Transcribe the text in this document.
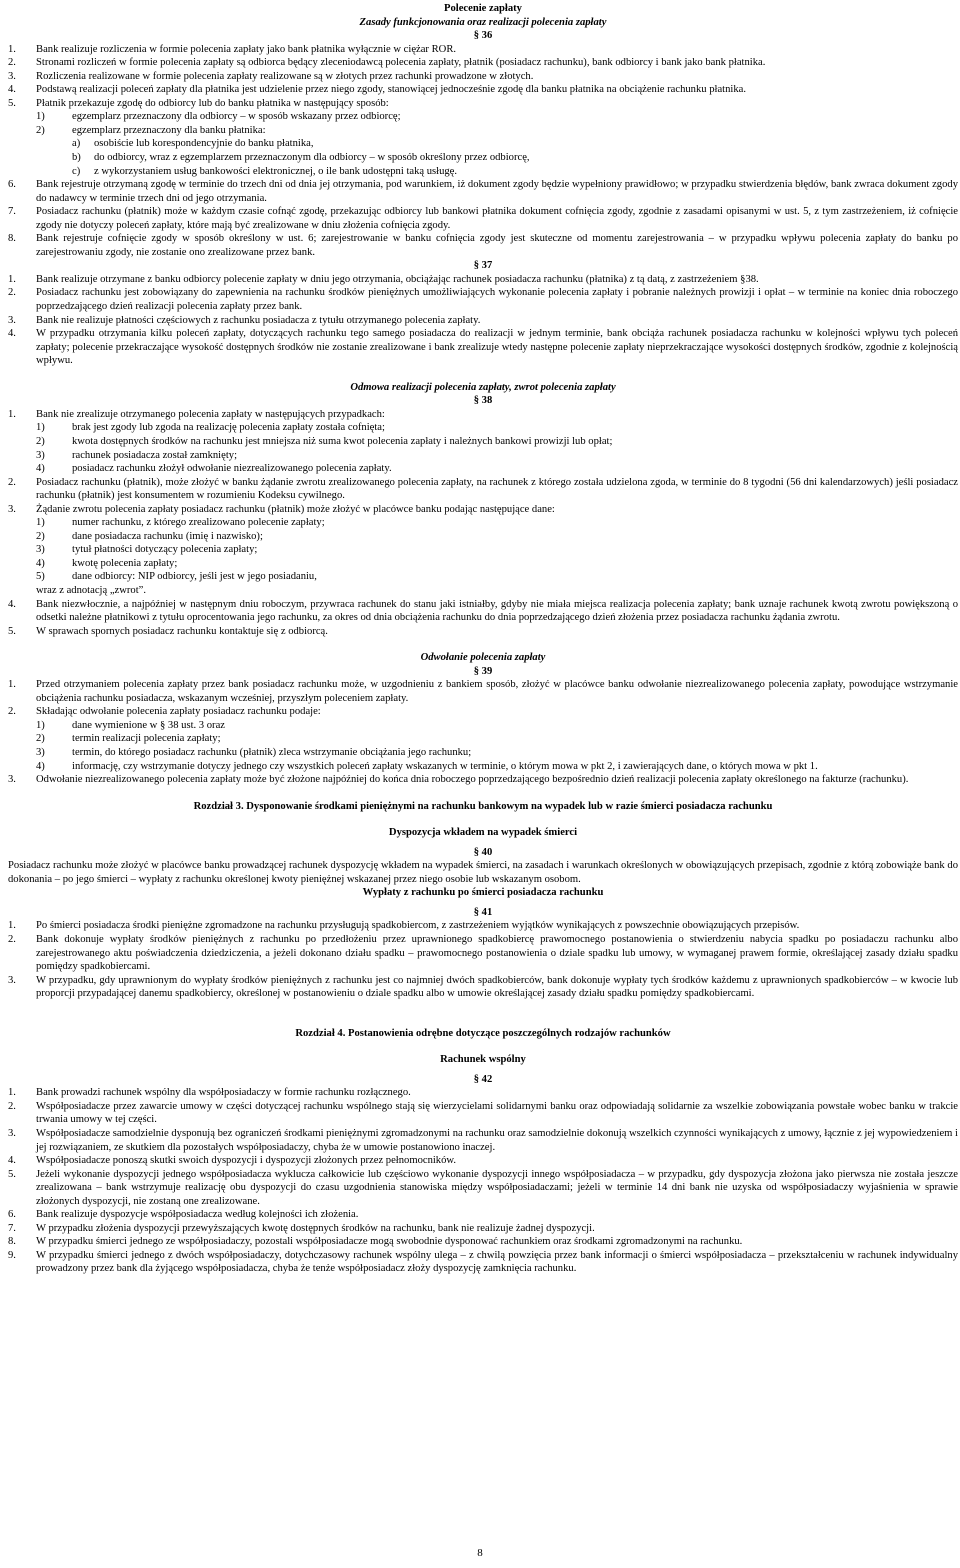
Polecenie zapłaty
Zasady funkcjonowania oraz realizacji polecenia zapłaty
§ 36
1.	Bank realizuje rozliczenia w formie polecenia zapłaty jako bank płatnika wyłącznie w ciężar ROR.
2.	Stronami rozliczeń w formie polecenia zapłaty są odbiorca będący zleceniodawcą polecenia zapłaty, płatnik (posiadacz rachunku), bank odbiorcy i bank jako bank płatnika.
3.	Rozliczenia realizowane w formie polecenia zapłaty realizowane są w złotych przez rachunki prowadzone w złotych.
4.	Podstawą realizacji poleceń zapłaty dla płatnika jest udzielenie przez niego zgody, stanowiącej jednocześnie zgodę dla banku płatnika na obciążenie rachunku płatnika.
5.	Płatnik przekazuje zgodę do odbiorcy lub do banku płatnika w następujący sposób:
1)	egzemplarz przeznaczony dla odbiorcy – w sposób wskazany przez odbiorcę;
2)	egzemplarz przeznaczony dla banku płatnika:
a)	osobiście lub korespondencyjnie do banku płatnika,
b)	do odbiorcy, wraz z egzemplarzem przeznaczonym dla odbiorcy – w sposób określony przez odbiorcę,
c)	z wykorzystaniem usług bankowości elektronicznej, o ile bank udostępni taką usługę.
6.	Bank rejestruje otrzymaną zgodę w terminie do trzech dni od dnia jej otrzymania, pod warunkiem, iż dokument zgody będzie wypełniony prawidłowo; w przypadku stwierdzenia błędów, bank zwraca dokument zgody do nadawcy w terminie trzech dni od jego otrzymania.
7.	Posiadacz rachunku (płatnik) może w każdym czasie cofnąć zgodę, przekazując odbiorcy lub bankowi płatnika dokument cofnięcia zgody, zgodnie z zasadami opisanymi w ust. 5, z tym zastrzeżeniem, iż cofnięcie zgody nie dotyczy poleceń zapłaty, które mają być zrealizowane w dniu złożenia cofnięcia zgody.
8.	Bank rejestruje cofnięcie zgody w sposób określony w ust. 6; zarejestrowanie w banku cofnięcia zgody jest skuteczne od momentu zarejestrowania – w przypadku wpływu polecenia zapłaty do banku po zarejestrowaniu zgody, nie zostanie ono zrealizowane przez bank.
§ 37
1.	Bank realizuje otrzymane z banku odbiorcy polecenie zapłaty w dniu jego otrzymania, obciążając rachunek posiadacza rachunku (płatnika) z tą datą, z zastrzeżeniem §38.
2.	Posiadacz rachunku jest zobowiązany do zapewnienia na rachunku środków pieniężnych umożliwiających wykonanie polecenia zapłaty i pobranie należnych prowizji i opłat – w terminie na koniec dnia roboczego poprzedzającego dzień realizacji polecenia zapłaty przez bank.
3.	Bank nie realizuje płatności częściowych z rachunku posiadacza z tytułu otrzymanego polecenia zapłaty.
4.	W przypadku otrzymania kilku poleceń zapłaty, dotyczących rachunku tego samego posiadacza do realizacji w jednym terminie, bank obciąża rachunek posiadacza rachunku w kolejności wpływu tych poleceń zapłaty; polecenie przekraczające wysokość dostępnych środków nie zostanie zrealizowane i bank zrealizuje wtedy następne polecenie zapłaty nieprzekraczające wysokości dostępnych środków, zgodnie z kolejnością wpływu.
Odmowa realizacji polecenia zapłaty, zwrot polecenia zapłaty
§ 38
1.	Bank nie zrealizuje otrzymanego polecenia zapłaty w następujących przypadkach:
1)	brak jest zgody lub zgoda na realizację polecenia zapłaty została cofnięta;
2)	kwota dostępnych środków na rachunku jest mniejsza niż suma kwot polecenia zapłaty i należnych bankowi prowizji lub opłat;
3)	rachunek posiadacza został zamknięty;
4)	posiadacz rachunku złożył odwołanie niezrealizowanego polecenia zapłaty.
2.	Posiadacz rachunku (płatnik), może złożyć w banku żądanie zwrotu zrealizowanego polecenia zapłaty, na rachunek z którego została udzielona zgoda, w terminie do 8 tygodni (56 dni kalendarzowych) jeśli posiadacz rachunku (płatnik) jest konsumentem w rozumieniu Kodeksu cywilnego.
3.	Żądanie zwrotu polecenia zapłaty posiadacz rachunku (płatnik) może złożyć w placówce banku podając następujące dane:
1)	numer rachunku, z którego zrealizowano polecenie zapłaty;
2)	dane posiadacza rachunku (imię i nazwisko);
3)	tytuł płatności dotyczący polecenia zapłaty;
4)	kwotę polecenia zapłaty;
5)	dane odbiorcy: NIP odbiorcy, jeśli jest w jego posiadaniu,
wraz z adnotacją „zwrot”.
4.	Bank niezwłocznie, a najpóźniej w następnym dniu roboczym, przywraca rachunek do stanu jaki istniałby, gdyby nie miała miejsca realizacja polecenia zapłaty; bank uznaje rachunek kwotą zwrotu powiększoną o odsetki należne płatnikowi z tytułu oprocentowania jego rachunku, za okres od dnia obciążenia rachunku do dnia poprzedzającego dzień złożenia przez posiadacza rachunku żądania zwrotu.
5.	W sprawach spornych posiadacz rachunku kontaktuje się z odbiorcą.
Odwołanie polecenia zapłaty
§ 39
1.	Przed otrzymaniem polecenia zapłaty przez bank posiadacz rachunku może, w uzgodnieniu z bankiem sposób, złożyć w placówce banku odwołanie niezrealizowanego polecenia zapłaty, powodujące wstrzymanie obciążenia rachunku posiadacza, wskazanym wcześniej, przyszłym poleceniem zapłaty.
2.	Składając odwołanie polecenia zapłaty posiadacz rachunku podaje:
1)	dane wymienione w § 38 ust. 3 oraz
2)	termin realizacji polecenia zapłaty;
3)	termin, do którego posiadacz rachunku (płatnik) zleca wstrzymanie obciążania jego rachunku;
4)	informację, czy wstrzymanie dotyczy jednego czy wszystkich poleceń zapłaty wskazanych w terminie, o którym mowa w pkt 2, i zawierających dane, o których mowa w pkt 1.
3.	Odwołanie niezrealizowanego polecenia zapłaty może być złożone najpóźniej do końca dnia roboczego poprzedzającego bezpośrednio dzień realizacji polecenia zapłaty określonego na fakturze (rachunku).
Rozdział 3. Dysponowanie środkami pieniężnymi na rachunku bankowym na wypadek lub w razie śmierci posiadacza rachunku
Dyspozycja wkładem na wypadek śmierci
§ 40
Posiadacz rachunku może złożyć w placówce banku prowadzącej rachunek dyspozycję wkładem na wypadek śmierci, na zasadach i warunkach określonych w obowiązujących przepisach, zgodnie z którą zobowiąże bank do dokonania – po jego śmierci – wypłaty z rachunku określonej kwoty pieniężnej wskazanej przez niego osobie lub wskazanym osobom.
Wypłaty z rachunku po śmierci posiadacza rachunku
§ 41
1.	Po śmierci posiadacza środki pieniężne zgromadzone na rachunku przysługują spadkobiercom, z zastrzeżeniem wyjątków wynikających z powszechnie obowiązujących przepisów.
2.	Bank dokonuje wypłaty środków pieniężnych z rachunku po przedłożeniu przez uprawnionego spadkobiercę prawomocnego postanowienia o stwierdzeniu nabycia spadku po posiadaczu rachunku albo zarejestrowanego aktu poświadczenia dziedziczenia, a jeżeli dokonano działu spadku – prawomocnego postanowienia o dziale spadku lub umowy, w wymaganej prawem formie, określającej zasady działu spadku pomiędzy spadkobiercami.
3.	W przypadku, gdy uprawnionym do wypłaty środków pieniężnych z rachunku jest co najmniej dwóch spadkobierców, bank dokonuje wypłaty tych środków każdemu z uprawnionych spadkobierców – w kwocie lub proporcji przypadającej danemu spadkobiercy, określonej w postanowieniu o dziale spadku albo w umowie określającej zasady działu spadku pomiędzy spadkobiercami.
Rozdział 4. Postanowienia odrębne dotyczące poszczególnych rodzajów rachunków
Rachunek wspólny
§ 42
1.	Bank prowadzi rachunek wspólny dla współposiadaczy w formie rachunku rozłącznego.
2.	Współposiadacze przez zawarcie umowy w części dotyczącej rachunku wspólnego stają się wierzycielami solidarnymi banku oraz odpowiadają solidarnie za wszelkie zobowiązania powstałe wobec banku w trakcie trwania umowy w tej części.
3.	Współposiadacze samodzielnie dysponują bez ograniczeń środkami pieniężnymi zgromadzonymi na rachunku oraz samodzielnie dokonują wszelkich czynności wynikających z umowy, łącznie z jej wypowiedzeniem i jej rozwiązaniem, ze skutkiem dla pozostałych współposiadaczy, chyba że w umowie postanowiono inaczej.
4.	Współposiadacze ponoszą skutki swoich dyspozycji i dyspozycji złożonych przez pełnomocników.
5.	Jeżeli wykonanie dyspozycji jednego współposiadacza wyklucza całkowicie lub częściowo wykonanie dyspozycji innego współposiadacza – w przypadku, gdy dyspozycja złożona jako pierwsza nie została jeszcze zrealizowana – bank wstrzymuje realizację obu dyspozycji do czasu uzgodnienia stanowiska między współposiadaczami; jeżeli w terminie 14 dni bank nie uzyska od współposiadaczy wyjaśnienia w sprawie złożonych dyspozycji, nie zostaną one zrealizowane.
6.	Bank realizuje dyspozycje współposiadacza według kolejności ich złożenia.
7.	W przypadku złożenia dyspozycji przewyższających kwotę dostępnych środków na rachunku, bank nie realizuje żadnej dyspozycji.
8.	W przypadku śmierci jednego ze współposiadaczy, pozostali współposiadacze mogą swobodnie dysponować rachunkiem oraz środkami zgromadzonymi na rachunku.
9.	W przypadku śmierci jednego z dwóch współposiadaczy, dotychczasowy rachunek wspólny ulega – z chwilą powzięcia przez bank informacji o śmierci współposiadacza – przekształceniu w rachunek indywidualny prowadzony przez bank dla żyjącego współposiadacza, chyba że tenże współposiadacz złoży dyspozycję zamknięcia rachunku.
8
